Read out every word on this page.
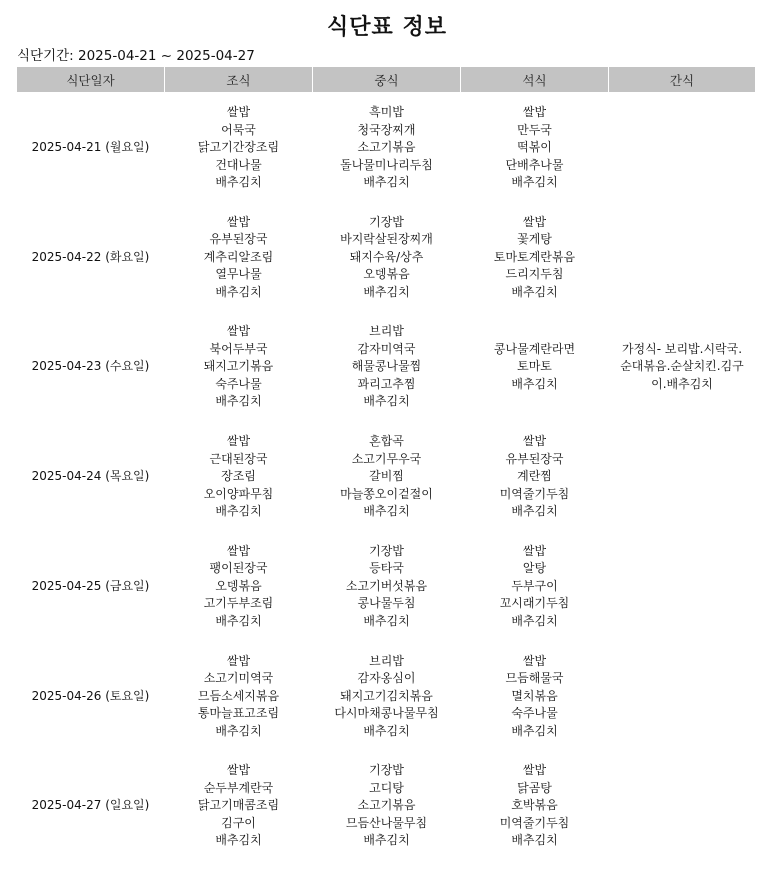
식단표 정보
식단기간: 2025-04-21 ~ 2025-04-27
식단일자	조식	중식	석식	간식
2025-04-21 (월요일)	쌀밥
어묵국
닭고기간장조림
건대나물
배추김치	흑미밥
청국장찌개
소고기볶음
돌나물미나리두침
배추김치	쌀밥
만두국
떡볶이
단배추나물
배추김치	

2025-04-22 (화요일)	쌀밥
유부된장국
계추리알조림
열무나물
배추김치	기장밥
바지락살된장찌개
돼지수육/상추
오뎅볶음
배추김치	쌀밥
꽃게탕
토마토계란볶음
드리지두침
배추김치	

2025-04-23 (수요일)	쌀밥
북어두부국
돼지고기볶음
숙주나물
배추김치	브리밥
감자미역국
해물콩나물찜
꽈리고추찜
배추김치	콩나물계란라면
토마토
배추김치	가정식- 보리밥.시락국.순대볶음.순살치킨.김구이.배추김치

2025-04-24 (목요일)	쌀밥
근대된장국
장조림
오이양파무침
배추김치	혼합곡
소고기무우국
갈비찜
마늘쫑오이겉절이
배추김치	쌀밥
유부된장국
계란찜
미역줄기두침
배추김치	

2025-04-25 (금요일)	쌀밥
팽이된장국
오뎅볶음
고기두부조림
배추김치	기장밥
등타국
소고기버섯볶음
콩나물두침
배추김치	쌀밥
알탕
두부구이
꼬시래기두침
배추김치	

2025-04-26 (토요일)	쌀밥
소고기미역국
므듬소세지볶음
통마늘표고조림
배추김치	브리밥
감자옹심이
돼지고기김치볶음
다시마채콩나물무침
배추김치	쌀밥
므듬해물국
멸치볶음
숙주나물
배추김치	

2025-04-27 (일요일)	쌀밥
순두부계란국
닭고기매콤조림
김구이
배추김치	기장밥
고디탕
소고기볶음
므듬산나물무침
배추김치	쌀밥
닭곰탕
호박볶음
미역줄기두침
배추김치	
